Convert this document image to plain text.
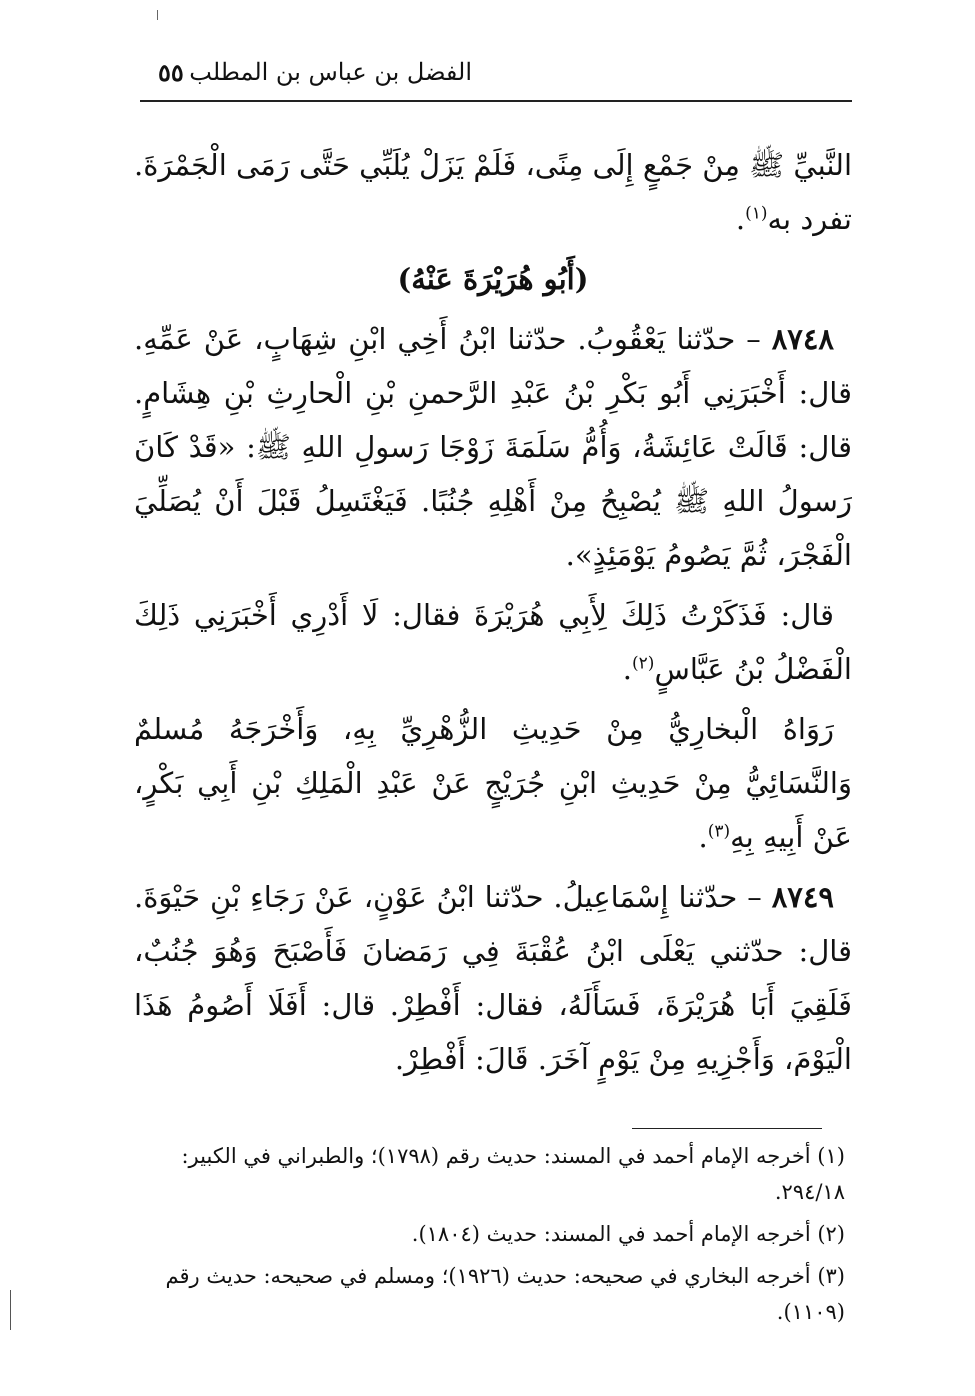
٥٥ الفضل بن عباس بن المطلب

النَّبيِّ ﷺ مِنْ جَمْعٍ إِلَى مِنًى، فَلَمْ يَزَلْ يُلَبِّي حَتَّى رَمَى الْجَمْرَةَ. تفرد به$^{(١)}$.

(أَبُو هُرَيْرَةَ عَنْهُ)

٨٧٤٨ – حدّثنا يَعْقُوبُ. حدّثنا ابْنُ أَخِي ابْنِ شِهَابٍ، عَنْ عَمِّهِ. قال: أَخْبَرَنِي أَبُو بَكْرِ بْنُ عَبْدِ الرَّحمنِ بْنِ الْحارِثِ بْنِ هِشَامٍ. قال: قَالَتْ عَائِشَةُ، وَأُمُّ سَلَمَةَ زَوْجَا رَسولِ اللهِ ﷺ: «قَدْ كَانَ رَسولُ اللهِ ﷺ يُصْبِحُ مِنْ أَهْلِهِ جُنُبًا. فَيَغْتَسِلُ قَبْلَ أَنْ يُصَلِّيَ الْفَجْرَ، ثُمَّ يَصُومُ يَوْمَئِذٍ».

قال: فَذَكَرْتُ ذَلِكَ لِأَبِي هُرَيْرَةَ فقال: لَا أَدْرِي أَخْبَرَنِي ذَلِكَ الْفَضْلُ بْنُ عَبَّاسٍ$^{(٢)}$.

رَوَاهُ الْبخارِيُّ مِنْ حَدِيثِ الزُّهْرِيِّ بِهِ، وَأَخْرَجَهُ مُسلمٌ وَالنَّسَائِيُّ مِنْ حَدِيثِ ابْنِ جُرَيْجٍ عَنْ عَبْدِ الْمَلِكِ بْنِ أَبِي بَكْرٍ، عَنْ أَبِيهِ بِهِ$^{(٣)}$.

٨٧٤٩ – حدّثنا إِسْمَاعِيلُ. حدّثنا ابْنُ عَوْنٍ، عَنْ رَجَاءِ بْنِ حَيْوَةَ. قال: حدّثني يَعْلَى ابْنُ عُقْبَةَ فِي رَمَضانَ فَأَصْبَحَ وَهُوَ جُنُبٌ، فَلَقِيَ أَبَا هُرَيْرَةَ، فَسَأَلَهُ، فقال: أَفْطِرْ. قال: أَفَلَا أَصُومُ هَذَا الْيَوْمَ، وَأَجْزِيهِ مِنْ يَوْمٍ آخَرَ. قَالَ: أَفْطِرْ.

(١) أخرجه الإمام أحمد في المسند: حديث رقم (١٧٩٨)؛ والطبراني في الكبير: ٢٩٤/١٨.

(٢) أخرجه الإمام أحمد في المسند: حديث (١٨٠٤).

(٣) أخرجه البخاري في صحيحه: حديث (١٩٢٦)؛ ومسلم في صحيحه: حديث رقم (١١٠٩).
